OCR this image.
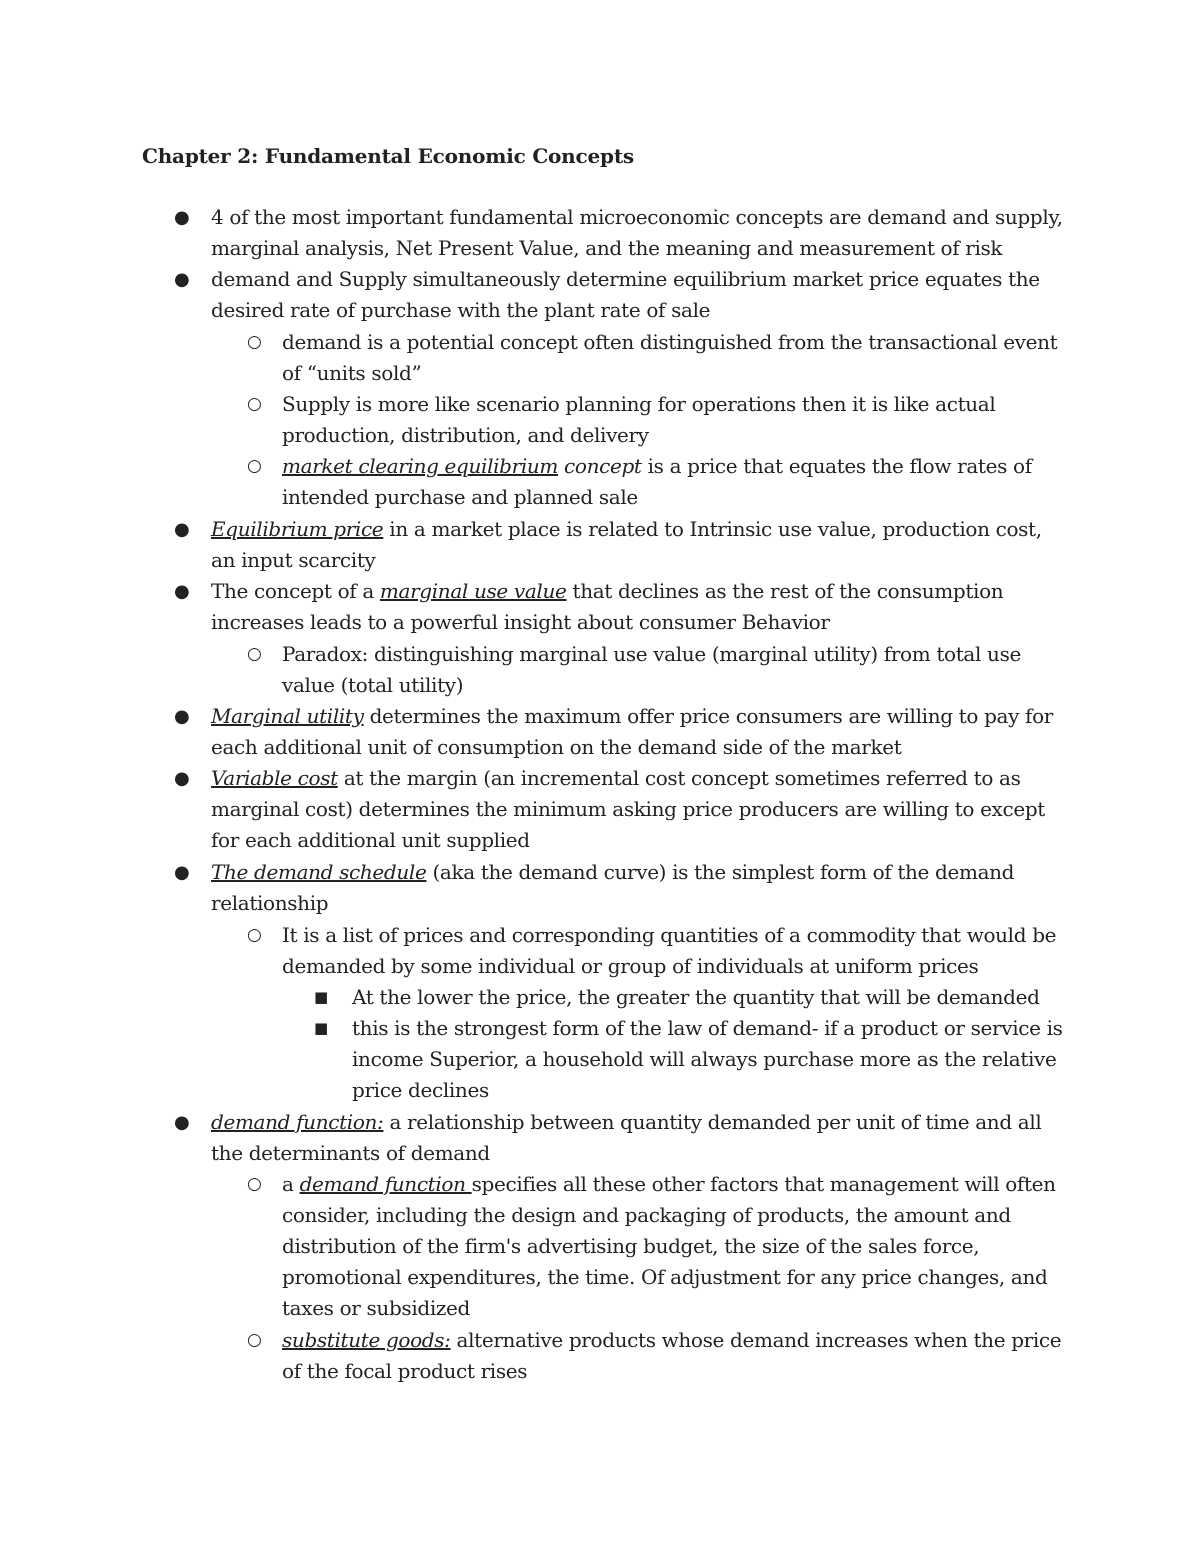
Chapter 2: Fundamental Economic Concepts
● 4 of the most important fundamental microeconomic concepts are demand and supply, marginal analysis, Net Present Value, and the meaning and measurement of risk
● demand and Supply simultaneously determine equilibrium market price equates the desired rate of purchase with the plant rate of sale
○ demand is a potential concept often distinguished from the transactional event of “units sold”
○ Supply is more like scenario planning for operations then it is like actual production, distribution, and delivery
○ market clearing equilibrium concept is a price that equates the flow rates of intended purchase and planned sale
● Equilibrium price in a market place is related to Intrinsic use value, production cost, an input scarcity
● The concept of a marginal use value that declines as the rest of the consumption increases leads to a powerful insight about consumer Behavior
○ Paradox: distinguishing marginal use value (marginal utility) from total use value (total utility)
● Marginal utility determines the maximum offer price consumers are willing to pay for each additional unit of consumption on the demand side of the market
● Variable cost at the margin (an incremental cost concept sometimes referred to as marginal cost) determines the minimum asking price producers are willing to except for each additional unit supplied
● The demand schedule (aka the demand curve) is the simplest form of the demand relationship
○ It is a list of prices and corresponding quantities of a commodity that would be demanded by some individual or group of individuals at uniform prices
■ At the lower the price, the greater the quantity that will be demanded
■ this is the strongest form of the law of demand- if a product or service is income Superior, a household will always purchase more as the relative price declines
● demand function: a relationship between quantity demanded per unit of time and all the determinants of demand
○ a demand function specifies all these other factors that management will often consider, including the design and packaging of products, the amount and distribution of the firm's advertising budget, the size of the sales force, promotional expenditures, the time. Of adjustment for any price changes, and taxes or subsidized
○ substitute goods: alternative products whose demand increases when the price of the focal product rises
